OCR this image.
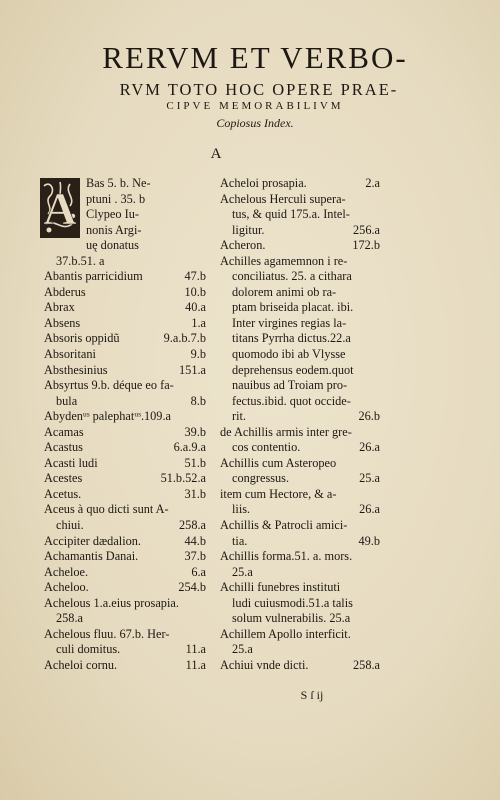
RERVM ET VERBO-
RVM TOTO HOC OPERE PRAE-
CIPVE MEMORABILIVM
Copiosus Index.
A
A Bas 5. b. Ne-
ptuni . 35. b
Clypeo Iu-
nonis Argi-
uę donatus
37.b.51. a
Abantis parricidium	47.b
Abderus	10.b
Abrax	40.a
Absens	1.a
Absoris oppidũ	9.a.b.7.b
Absoritani	9.b
Absthesinius	151.a
Absyrtus 9.b. déque eo fa-
bula	8.b
Abydenᵘˢ palephatᵘˢ.109.a
Acamas	39.b
Acastus	6.a.9.a
Acasti ludi	51.b
Acestes	51.b.52.a
Acetus.	31.b
Aceus à quo dicti sunt A-
chiui.	258.a
Accipiter dædalion.	44.b
Achamantis Danai.	37.b
Acheloe.	6.a
Acheloo.	254.b
Achelous 1.a.eius prosapia.
258.a
Achelous fluu. 67.b. Her-
culi domitus.	11.a
Acheloi cornu.	11.a
Acheloi prosapia.	2.a
Achelous Herculi supera-
tus, & quid 175.a. Intel-
ligitur.	256.a
Acheron.	172.b
Achilles agamemnon i re-
conciliatus. 25. a cithara
dolorem animi ob ra-
ptam briseida placat. ibi.
Inter virgines regias la-
titans Pyrrha dictus.22.a
quomodo ibi ab Vlysse
deprehensus eodem.quot
nauibus ad Troiam pro-
fectus.ibid. quot occide-
rit.	26.b
de Achillis armis inter gre-
cos contentio.	26.a
Achillis cum Asteropeo
congressus.	25.a
item cum Hectore, & a-
liis.	26.a
Achillis & Patrocli amici-
tia.	49.b
Achillis forma.51. a. mors.
25.a
Achilli funebres instituti
ludi cuiusmodi.51.a talis
solum vulnerabilis. 25.a
Achillem Apollo interficit.
25.a
Achiui vnde dicti.	258.a
S ſ ij
